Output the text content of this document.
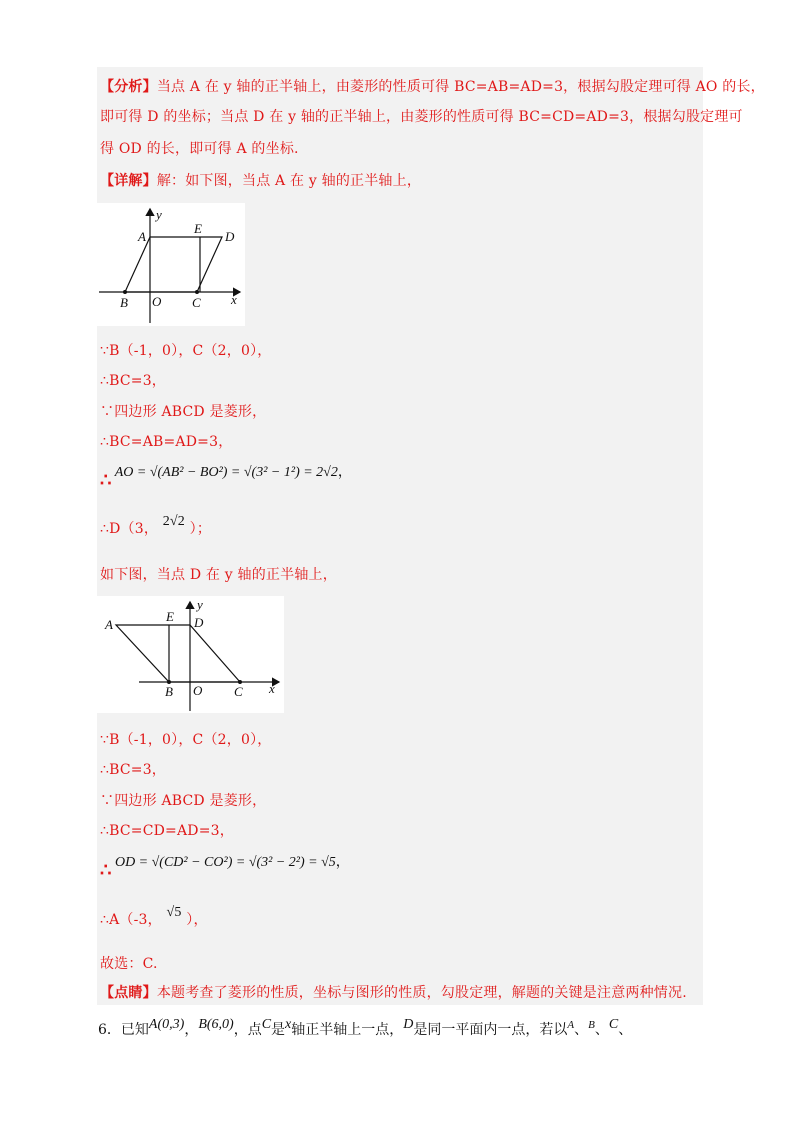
【分析】当点 A 在 y 轴的正半轴上，由菱形的性质可得 BC=AB=AD=3，根据勾股定理可得 AO 的长，
即可得 D 的坐标；当点 D 在 y 轴的正半轴上，由菱形的性质可得 BC=CD=AD=3，根据勾股定理可
得 OD 的长，即可得 A 的坐标.
【详解】解：如下图，当点 A 在 y 轴的正半轴上，
y
A
E
D
B O C x
∵B（-1，0），C（2，0），
∴BC=3，
∵四边形 ABCD 是菱形，
∴BC=AB=AD=3，
∴ AO = √(AB² − BO²) = √(3² − 1²) = 2√2，
∴D（3， 2√2 ）；
如下图，当点 D 在 y 轴的正半轴上，
A
E
y
D
B O C x
∵B（-1，0），C（2，0），
∴BC=3，
∵四边形 ABCD 是菱形，
∴BC=CD=AD=3，
∴ OD = √(CD² − CO²) = √(3² − 2²) = √5，
∴A（-3， √5 ），
故选：C.
【点睛】本题考查了菱形的性质，坐标与图形的性质，勾股定理，解题的关键是注意两种情况.
6．已知A(0,3)，B(6,0)，点C是x轴正半轴上一点，D是同一平面内一点，若以$^A$、$^B$、C、
